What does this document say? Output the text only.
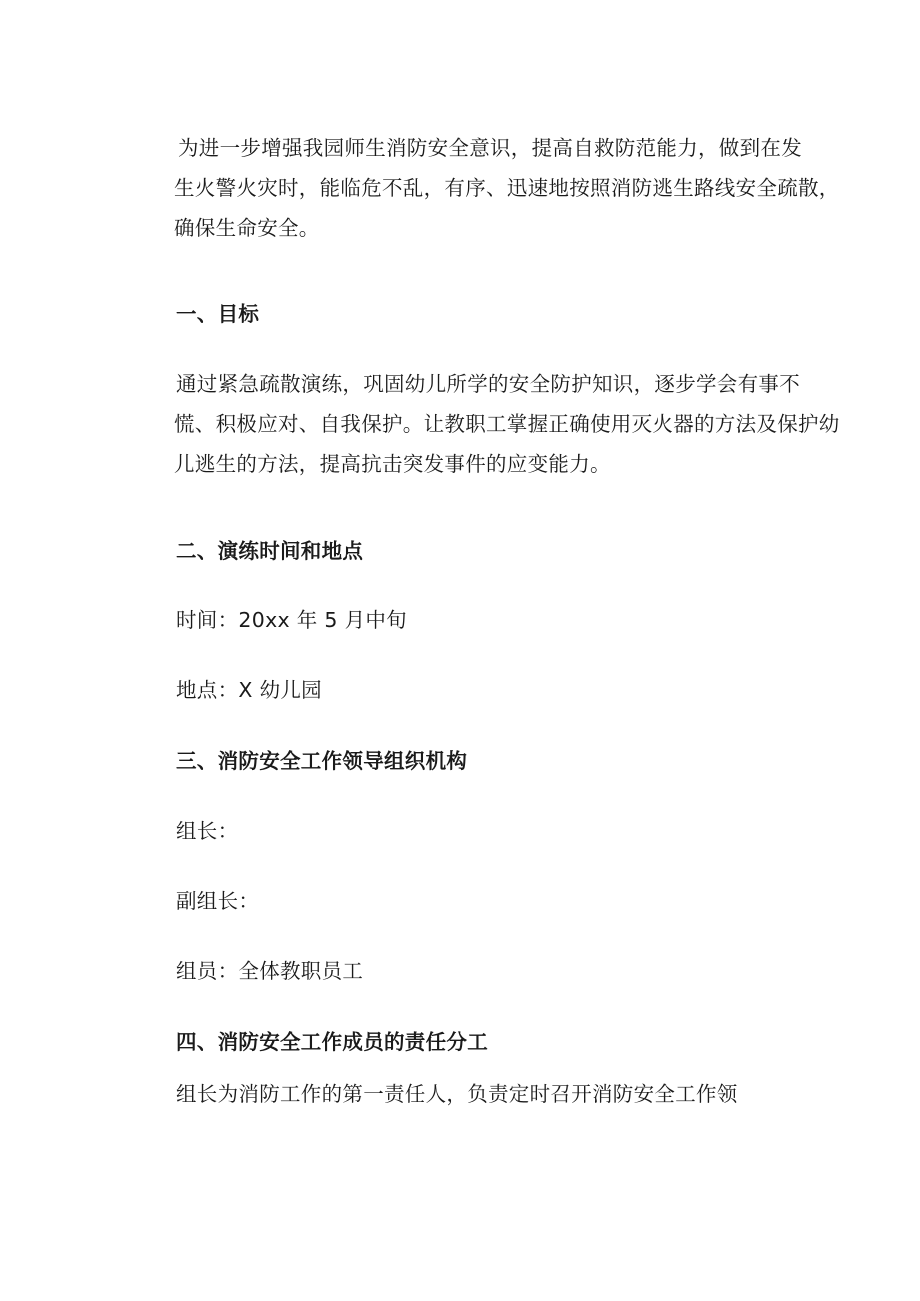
为进一步增强我园师生消防安全意识，提高自救防范能力，做到在发
生火警火灾时，能临危不乱，有序、迅速地按照消防逃生路线安全疏散，
确保生命安全。
一、目标
通过紧急疏散演练，巩固幼儿所学的安全防护知识，逐步学会有事不
慌、积极应对、自我保护。让教职工掌握正确使用灭火器的方法及保护幼
儿逃生的方法，提高抗击突发事件的应变能力。
二、演练时间和地点
时间：20xx 年 5 月中旬
地点：X 幼儿园
三、消防安全工作领导组织机构
组长：
副组长：
组员：全体教职员工
四、消防安全工作成员的责任分工
组长为消防工作的第一责任人，负责定时召开消防安全工作领
